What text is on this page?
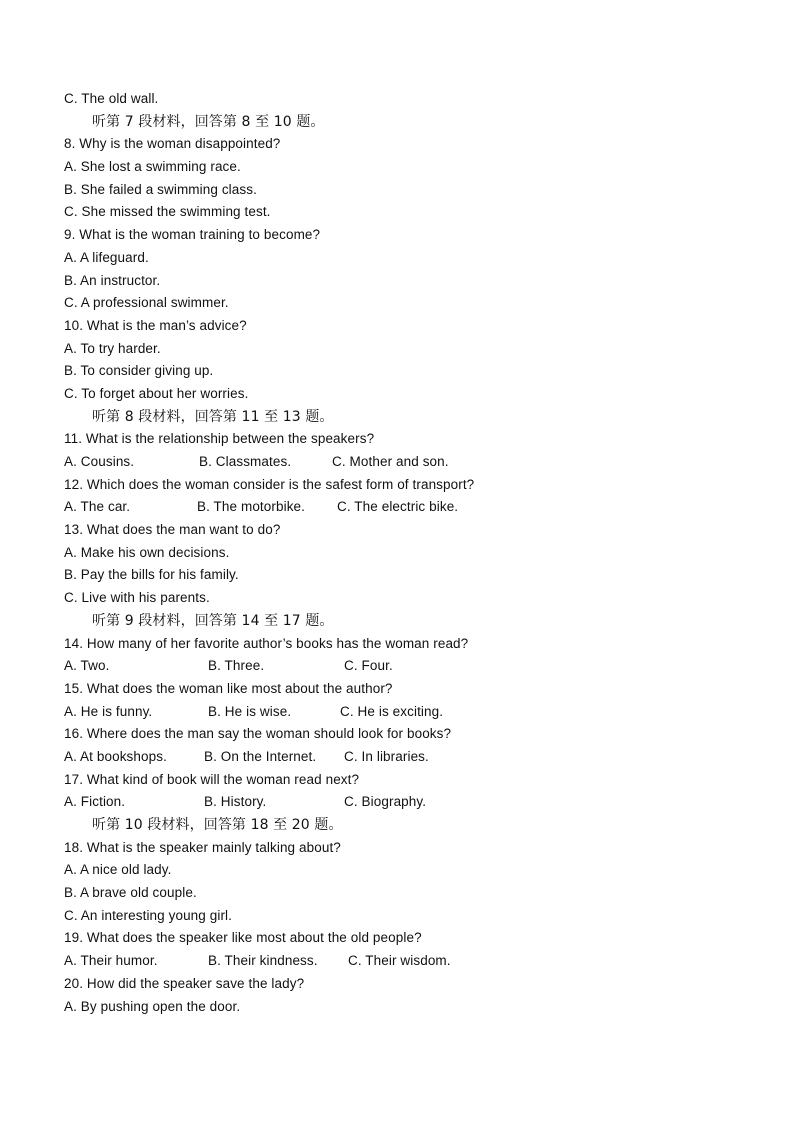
C. The old wall.
听第 7 段材料，回答第 8 至 10 题。
8. Why is the woman disappointed?
A. She lost a swimming race.
B. She failed a swimming class.
C. She missed the swimming test.
9. What is the woman training to become?
A. A lifeguard.
B. An instructor.
C. A professional swimmer.
10. What is the man’s advice?
A. To try harder.
B. To consider giving up.
C. To forget about her worries.
听第 8 段材料，回答第 11 至 13 题。
11. What is the relationship between the speakers?
A. Cousins.	B. Classmates.	C. Mother and son.
12. Which does the woman consider is the safest form of transport?
A. The car.	B. The motorbike. C. The electric bike.
13. What does the man want to do?
A. Make his own decisions.
B. Pay the bills for his family.
C. Live with his parents.
听第 9 段材料，回答第 14 至 17 题。
14. How many of her favorite author’s books has the woman read?
A. Two.	B. Three.	C. Four.
15. What does the woman like most about the author?
A. He is funny.	B. He is wise.	C. He is exciting.
16. Where does the man say the woman should look for books?
A. At bookshops.	B. On the Internet. C. In libraries.
17. What kind of book will the woman read next?
A. Fiction.	B. History.	C. Biography.
听第 10 段材料，回答第 18 至 20 题。
18. What is the speaker mainly talking about?
A. A nice old lady.
B. A brave old couple.
C. An interesting young girl.
19. What does the speaker like most about the old people?
A. Their humor.	B. Their kindness. C. Their wisdom.
20. How did the speaker save the lady?
A. By pushing open the door.
